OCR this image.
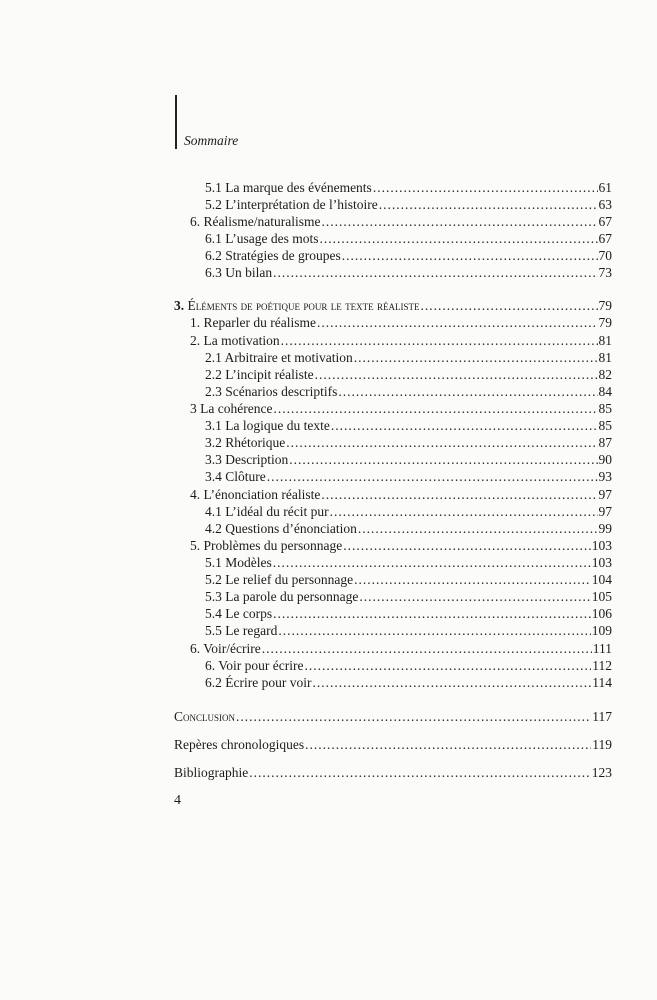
Sommaire
5.1 La marque des événements .....	61
5.2 L’interprétation de l’histoire .....	63
6. Réalisme/naturalisme .....	67
6.1 L’usage des mots .....	67
6.2 Stratégies de groupes .....	70
6.3 Un bilan .....	73
3. Éléments de poétique pour le texte réaliste .....	79
1. Reparler du réalisme .....	79
2. La motivation .....	81
2.1 Arbitraire et motivation .....	81
2.2 L’incipit réaliste .....	82
2.3 Scénarios descriptifs .....	84
3 La cohérence .....	85
3.1 La logique du texte .....	85
3.2 Rhétorique .....	87
3.3 Description .....	90
3.4 Clôture .....	93
4. L’énonciation réaliste .....	97
4.1 L’idéal du récit pur .....	97
4.2 Questions d’énonciation .....	99
5. Problèmes du personnage .....	103
5.1 Modèles .....	103
5.2 Le relief du personnage .....	104
5.3 La parole du personnage .....	105
5.4 Le corps .....	106
5.5 Le regard .....	109
6. Voir/écrire .....	111
6. Voir pour écrire .....	112
6.2 Écrire pour voir .....	114
Conclusion .....	117
Repères chronologiques .....	119
Bibliographie .....	123
4
